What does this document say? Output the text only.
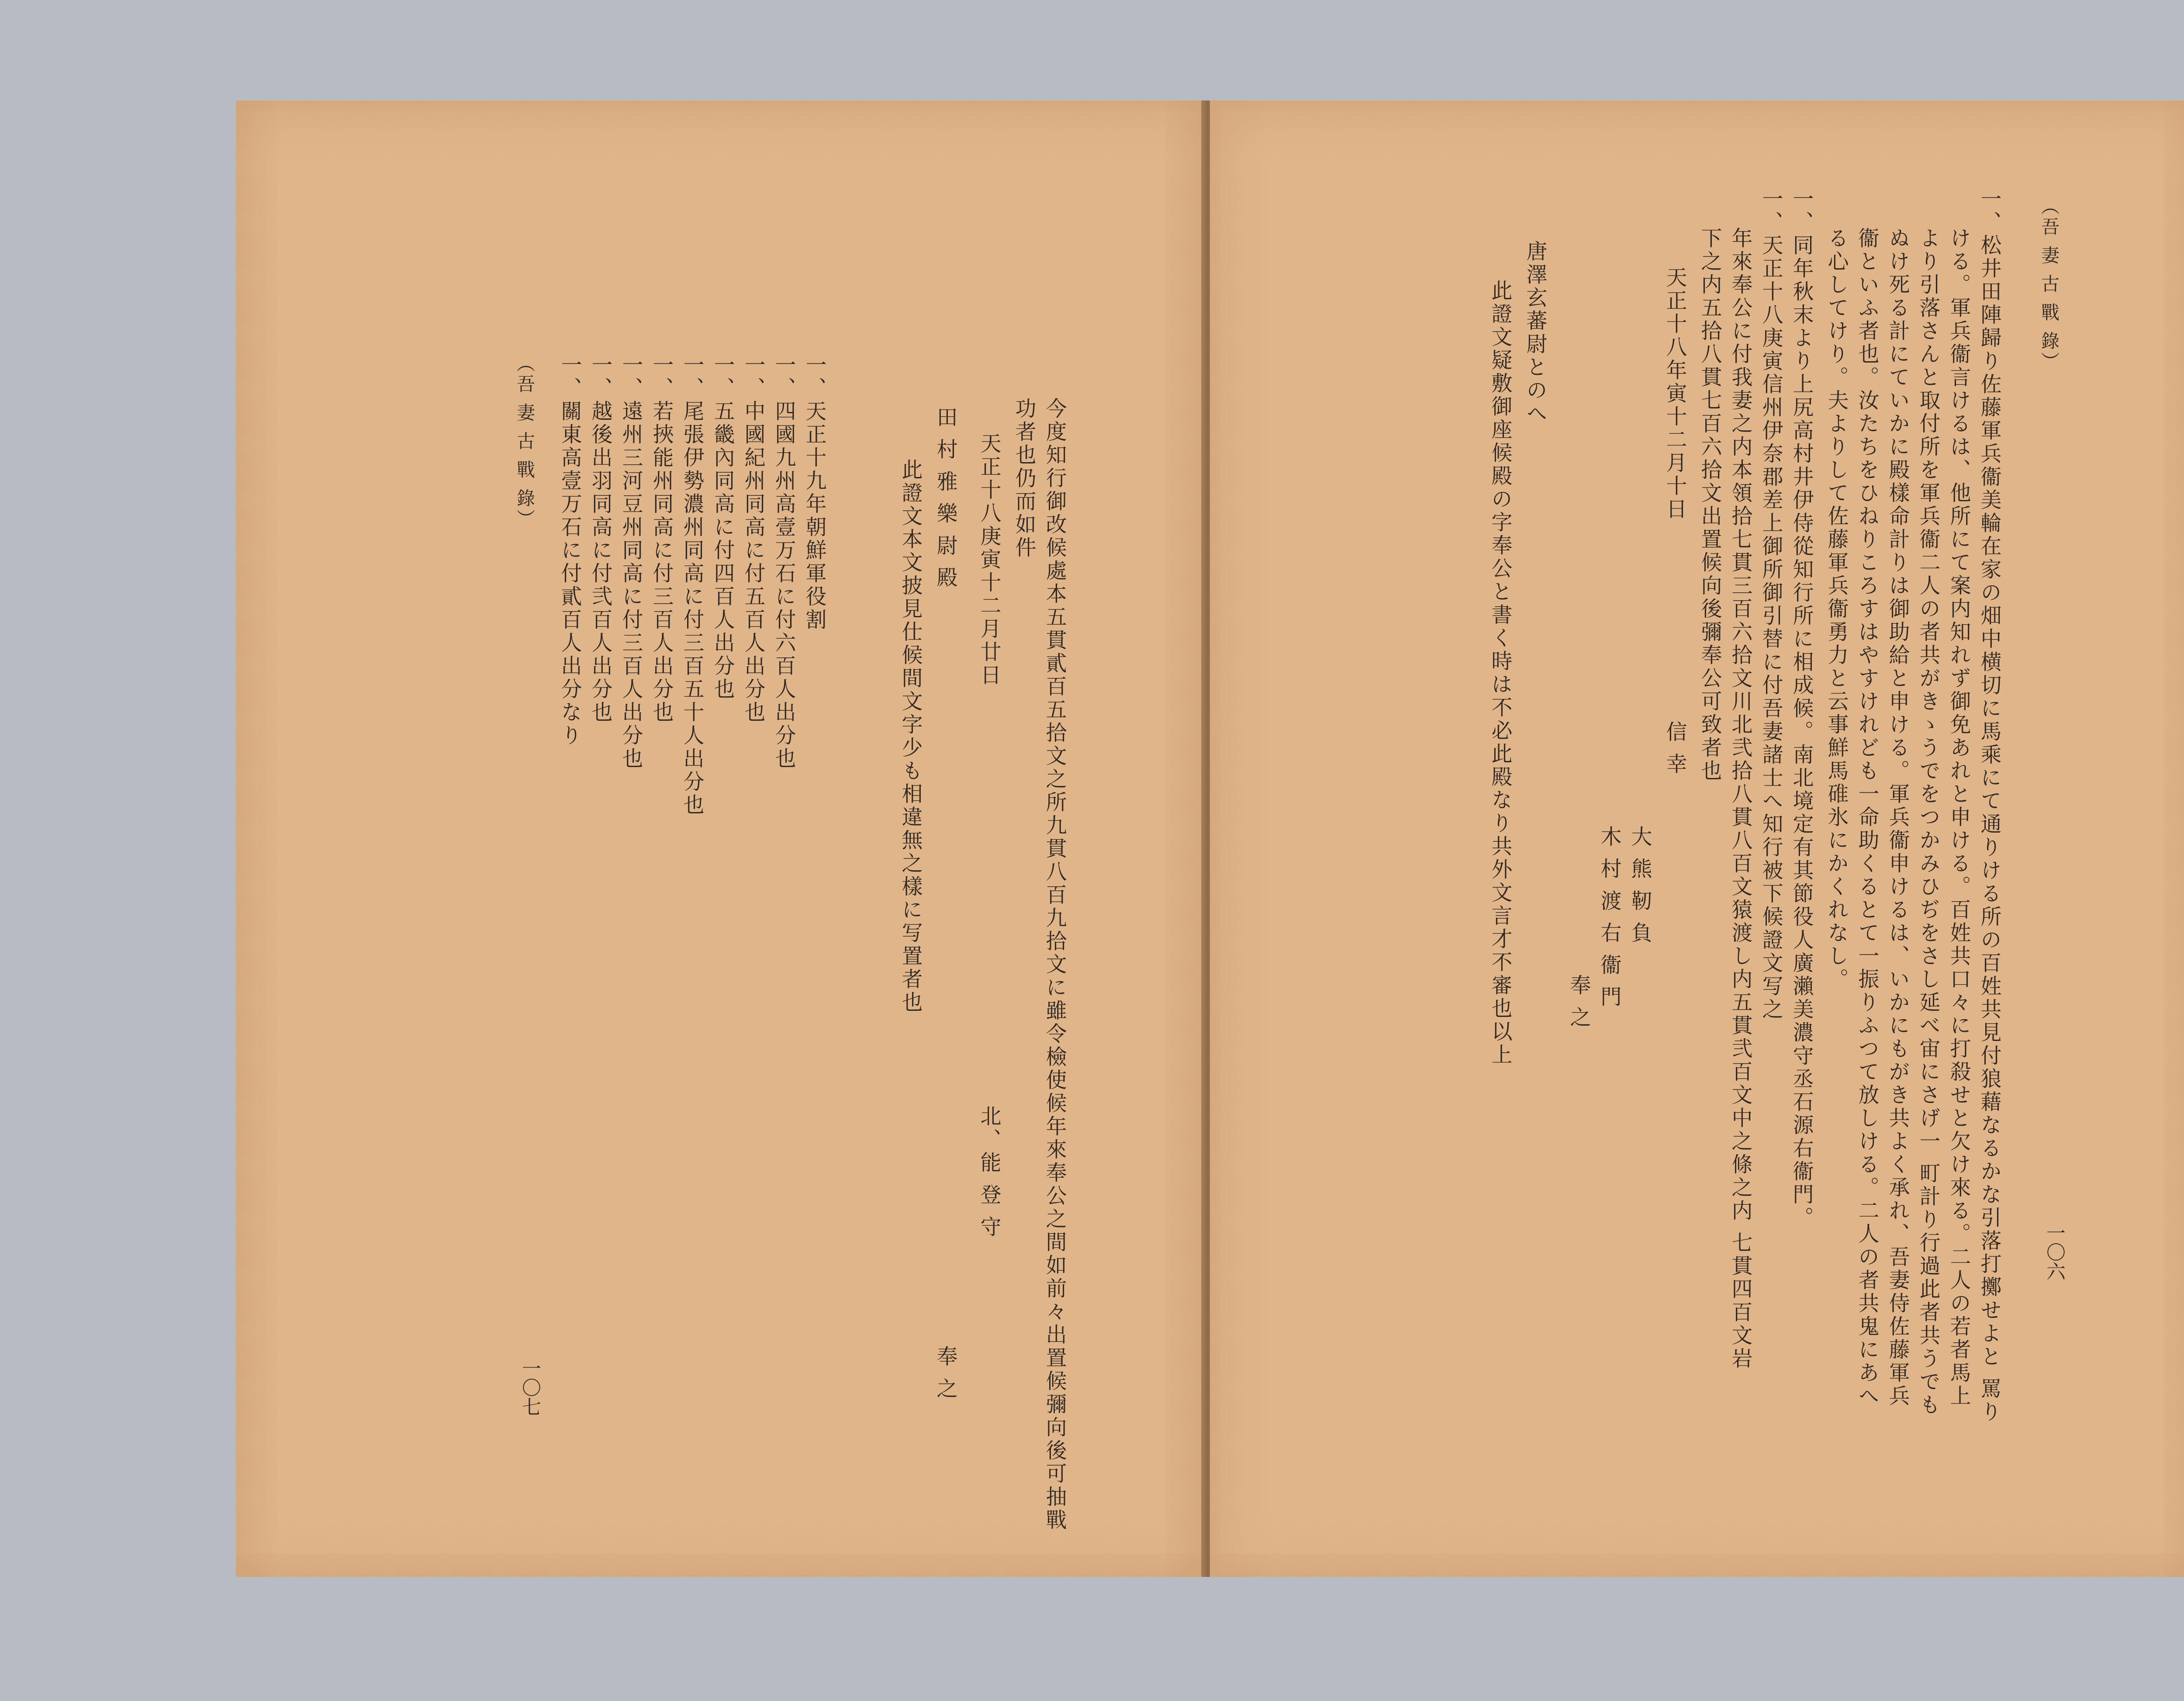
（吾 妻 古 戰 錄）
一〇六
一、松井田陣歸り佐藤軍兵衞美輪在家の畑中横切に馬乘にて通りける所の百姓共見付狼藉なるかな引落打擲せよと 罵り
ける。軍兵衞言けるは、他所にて案内知れず御免あれと申ける。百姓共口々に打殺せと欠け來る。二人の若者馬上
より引落さんと取付所を軍兵衞二人の者共がきゝうでをつかみひぢをさし延べ宙にさげ一 町計り行過此者共うでも
ぬけ死る計にていかに殿樣命計りは御助給と申ける。軍兵衞申けるは、いかにもがき共よく承れ、吾妻侍佐藤軍兵
衞といふ者也。汝たちをひねりころすはやすけれども一命助くるとて一振りふつて放しける。二人の者共鬼にあへ
る心してけり。夫よりして佐藤軍兵衞勇力と云事鮮馬碓氷にかくれなし。
一、同年秋末より上尻高村井伊侍從知行所に相成候。南北境定有其節役人廣瀨美濃守丞石源右衞門。
一、天正十八庚寅信州伊奈郡差上御所御引替に付吾妻諸士へ知行被下候證文写之
年來奉公に付我妻之内本領拾七貫三百六拾文川北弐拾八貫八百文猿渡し内五貫弐百文中之條之内 七貫四百文岩
下之内五拾八貫七百六拾文出置候向後彌奉公可致者也
天正十八年寅十二月十日
信 幸
大 熊 靭 負
木 村 渡 右 衞 門
奉 之
唐澤玄蕃尉とのへ
此證文疑敷御座候殿の字奉公と書く時は不必此殿なり共外文言才不審也以上
今度知行御改候處本五貫貳百五拾文之所九貫八百九拾文に雖令檢使候年來奉公之間如前々出置候彌向後可抽戰
功者也仍而如件
天正十八庚寅十二月廿日
田 村 雅 樂 尉 殿
此證文本文披見仕候間文字少も相違無之樣に写置者也
北、能 登 守
奉 之
一、天正十九年朝鮮軍役割
一、四國九州高壹万石に付六百人出分也
一、中國紀州同高に付五百人出分也
一、五畿內同高に付四百人出分也
一、尾張伊勢濃州同高に付三百五十人出分也
一、若挾能州同高に付三百人出分也
一、遠州三河豆州同高に付三百人出分也
一、越後出羽同高に付弐百人出分也
一、關東高壹万石に付貳百人出分なり
（吾 妻 古 戰 錄）
一〇七
